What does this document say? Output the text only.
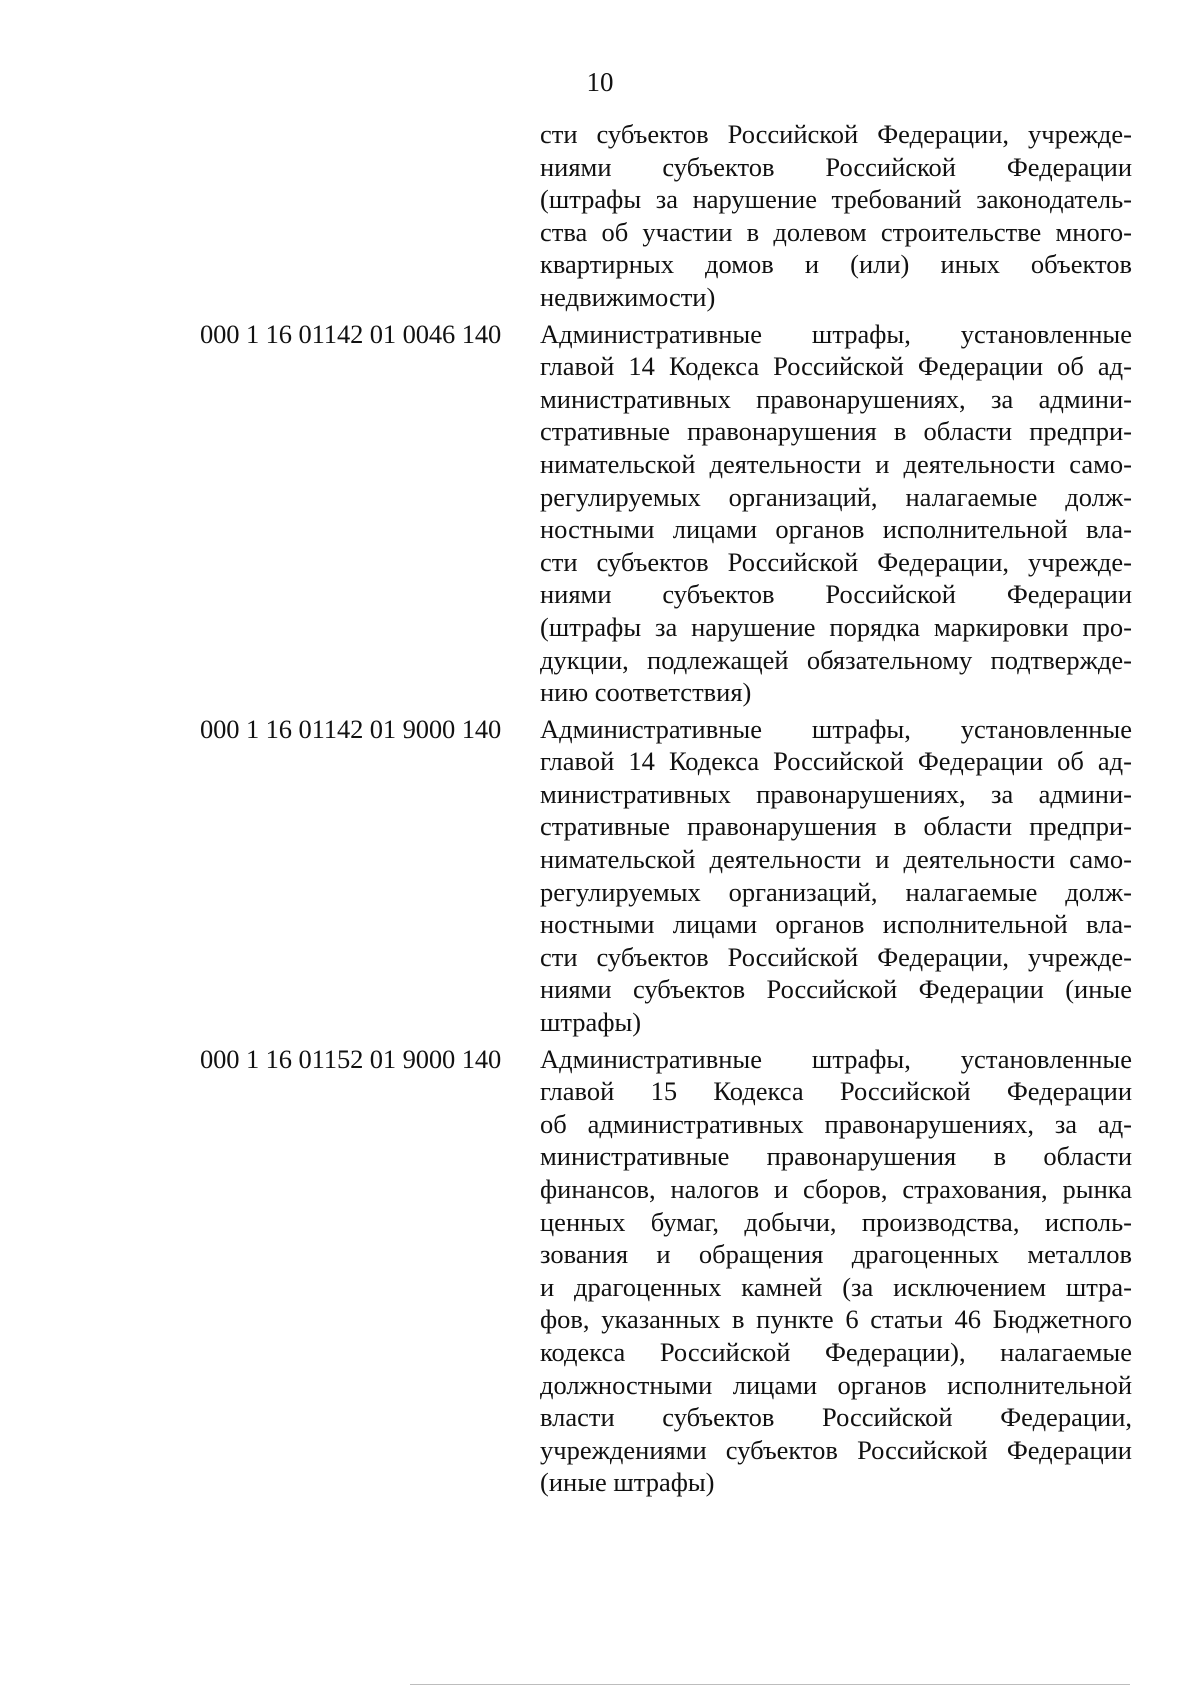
10
сти субъектов Российской Федерации, учрежде-
ниями субъектов Российской Федерации
(штрафы за нарушение требований законодатель-
ства об участии в долевом строительстве много-
квартирных домов и (или) иных объектов
недвижимости)
000 1 16 01142 01 0046 140	Административные штрафы, установленные
главой 14 Кодекса Российской Федерации об ад-
министративных правонарушениях, за админи-
стративные правонарушения в области предпри-
нимательской деятельности и деятельности само-
регулируемых организаций, налагаемые долж-
ностными лицами органов исполнительной вла-
сти субъектов Российской Федерации, учрежде-
ниями субъектов Российской Федерации
(штрафы за нарушение порядка маркировки про-
дукции, подлежащей обязательному подтвержде-
нию соответствия)
000 1 16 01142 01 9000 140	Административные штрафы, установленные
главой 14 Кодекса Российской Федерации об ад-
министративных правонарушениях, за админи-
стративные правонарушения в области предпри-
нимательской деятельности и деятельности само-
регулируемых организаций, налагаемые долж-
ностными лицами органов исполнительной вла-
сти субъектов Российской Федерации, учрежде-
ниями субъектов Российской Федерации (иные
штрафы)
000 1 16 01152 01 9000 140	Административные штрафы, установленные
главой 15 Кодекса Российской Федерации
об административных правонарушениях, за ад-
министративные правонарушения в области
финансов, налогов и сборов, страхования, рынка
ценных бумаг, добычи, производства, исполь-
зования и обращения драгоценных металлов
и драгоценных камней (за исключением штра-
фов, указанных в пункте 6 статьи 46 Бюджетного
кодекса Российской Федерации), налагаемые
должностными лицами органов исполнительной
власти субъектов Российской Федерации,
учреждениями субъектов Российской Федерации
(иные штрафы)
